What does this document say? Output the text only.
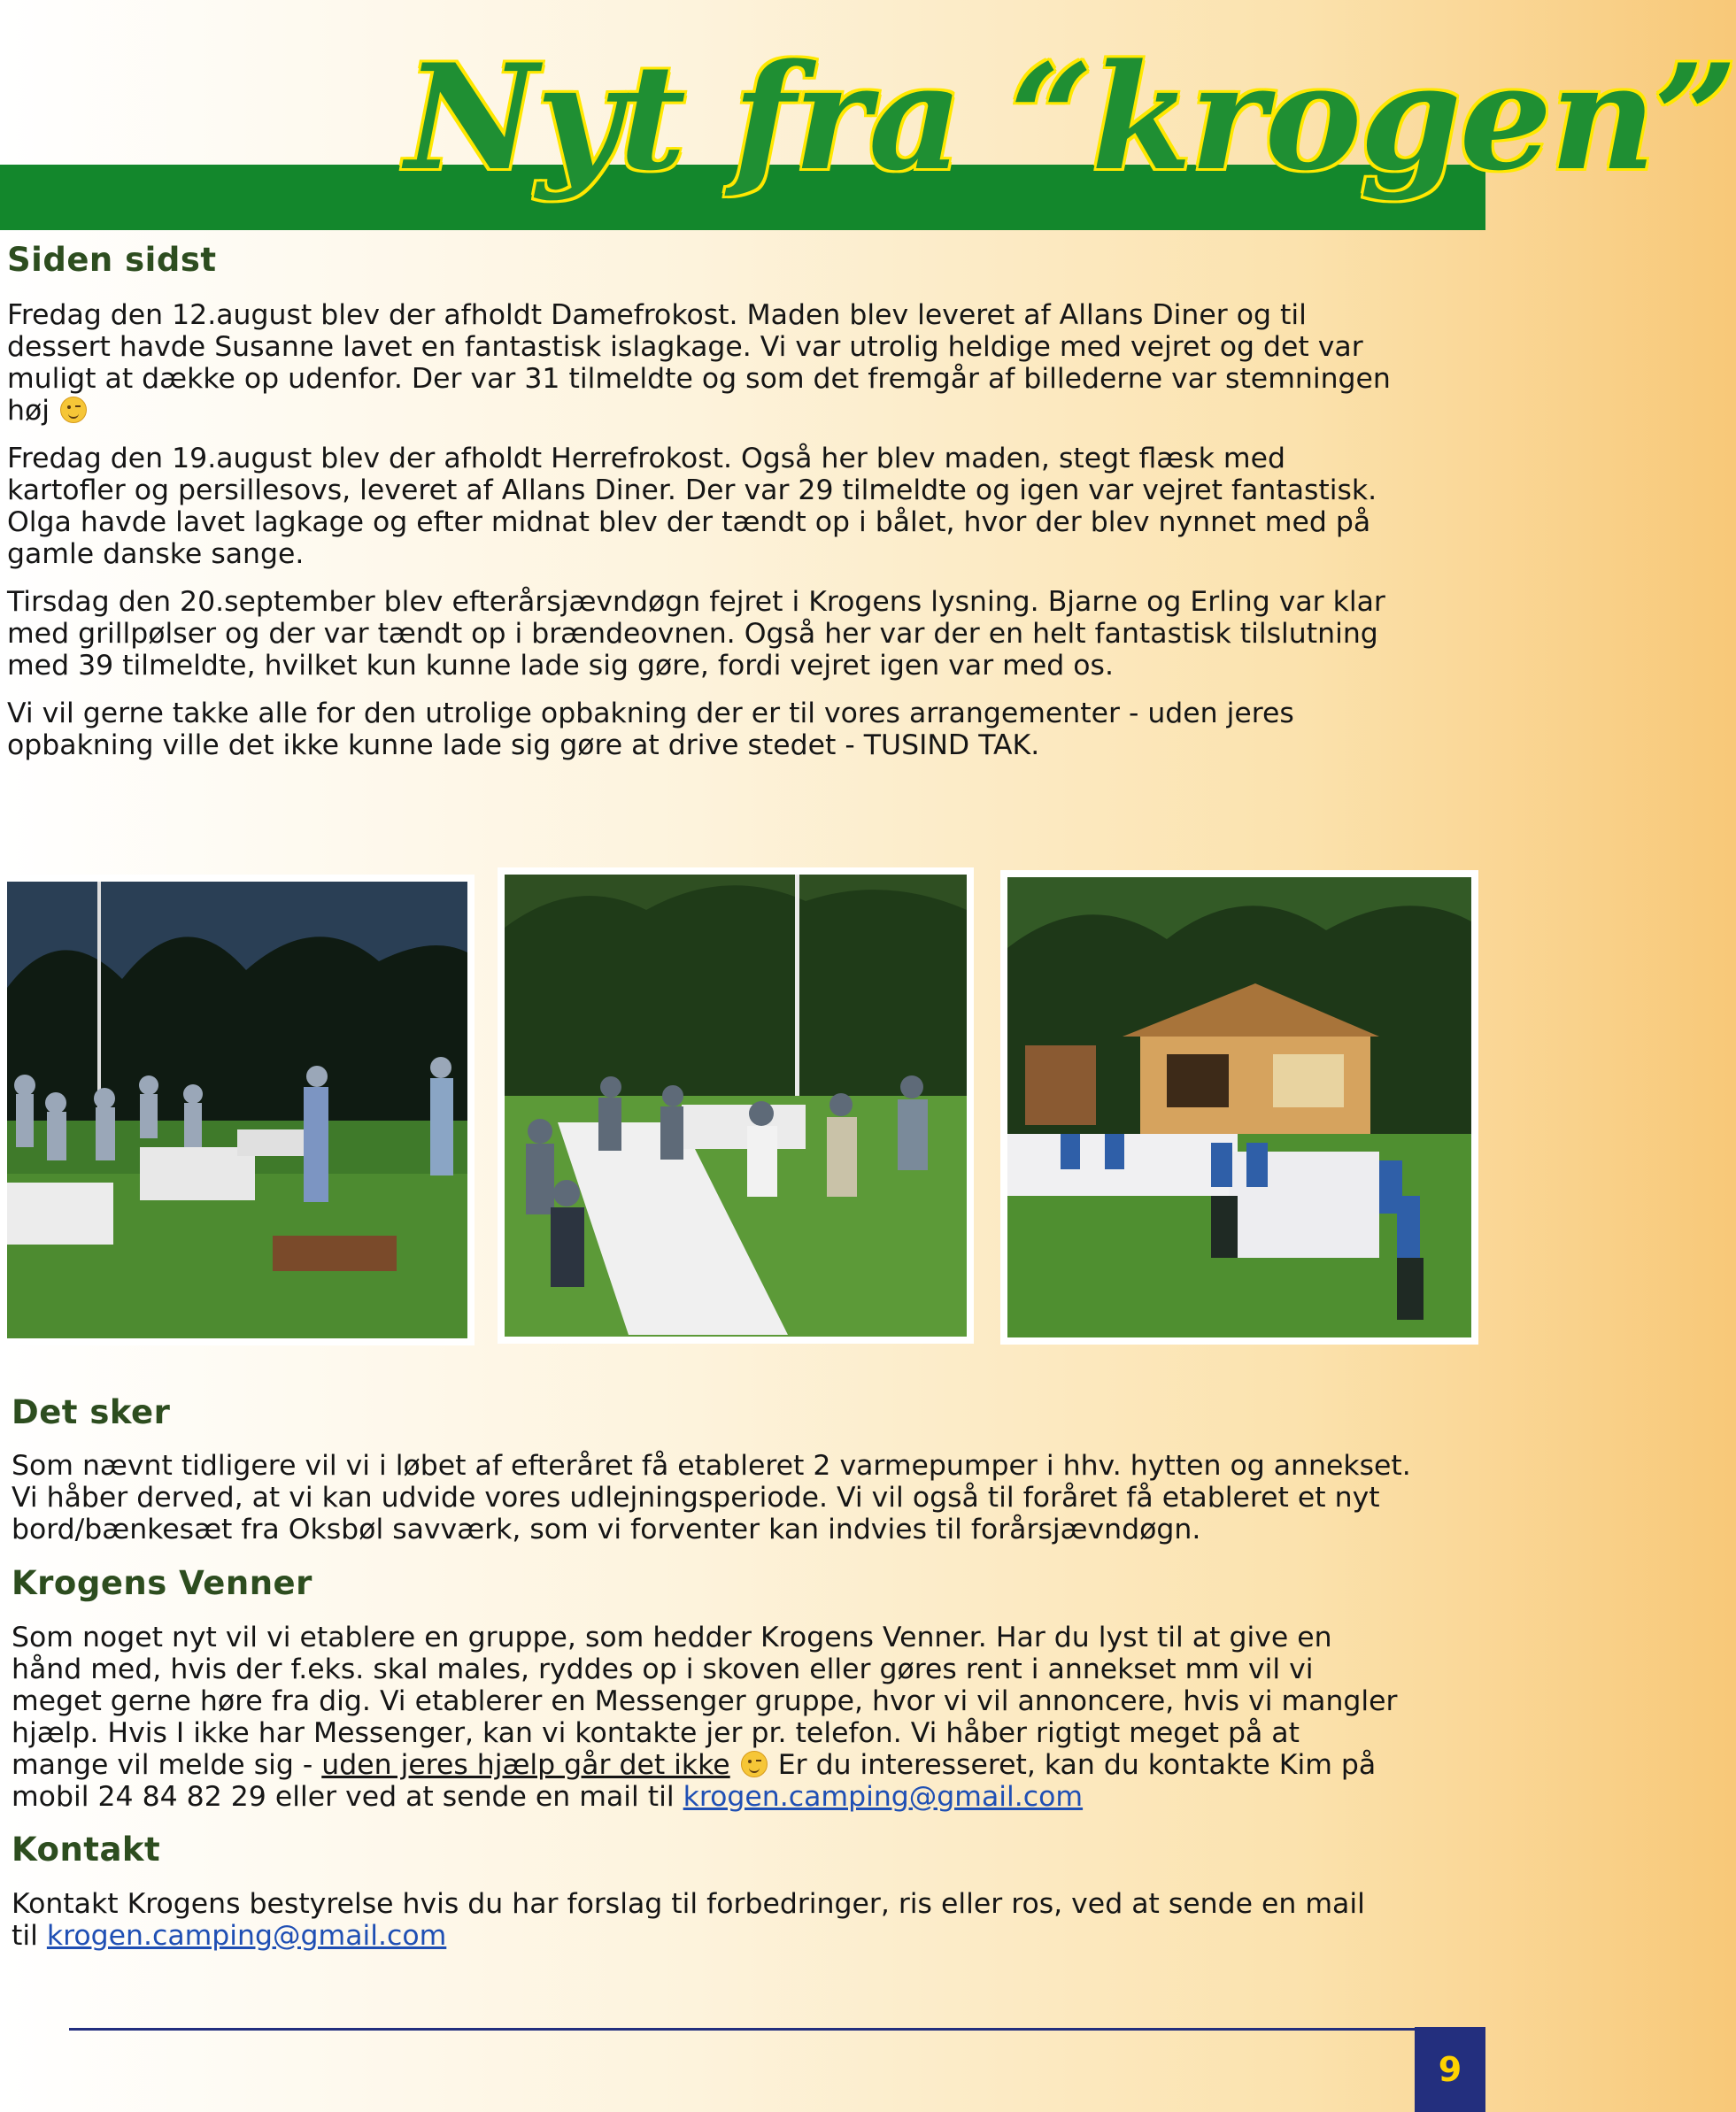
Nyt fra “krogen”
Siden sidst

Fredag den 12.august blev der afholdt Damefrokost. Maden blev leveret af Allans Diner og til
dessert havde Susanne lavet en fantastisk islagkage. Vi var utrolig heldige med vejret og det var
muligt at dække op udenfor. Der var 31 tilmeldte og som det fremgår af billederne var stemningen
høj

Fredag den 19.august blev der afholdt Herrefrokost. Også her blev maden, stegt flæsk med
kartofler og persillesovs, leveret af Allans Diner. Der var 29 tilmeldte og igen var vejret fantastisk.
Olga havde lavet lagkage og efter midnat blev der tændt op i bålet, hvor der blev nynnet med på
gamle danske sange.

Tirsdag den 20.september blev efterårsjævndøgn fejret i Krogens lysning. Bjarne og Erling var klar
med grillpølser og der var tændt op i brændeovnen. Også her var der en helt fantastisk tilslutning
med 39 tilmeldte, hvilket kun kunne lade sig gøre, fordi vejret igen var med os.

Vi vil gerne takke alle for den utrolige opbakning der er til vores arrangementer - uden jeres
opbakning ville det ikke kunne lade sig gøre at drive stedet - TUSIND TAK.

Det sker

Som nævnt tidligere vil vi i løbet af efteråret få etableret 2 varmepumper i hhv. hytten og annekset.
Vi håber derved, at vi kan udvide vores udlejningsperiode. Vi vil også til foråret få etableret et nyt
bord/bænkesæt fra Oksbøl savværk, som vi forventer kan indvies til forårsjævndøgn.

Krogens Venner

Som noget nyt vil vi etablere en gruppe, som hedder Krogens Venner. Har du lyst til at give en
hånd med, hvis der f.eks. skal males, ryddes op i skoven eller gøres rent i annekset mm vil vi
meget gerne høre fra dig. Vi etablerer en Messenger gruppe, hvor vi vil annoncere, hvis vi mangler
hjælp. Hvis I ikke har Messenger, kan vi kontakte jer pr. telefon. Vi håber rigtigt meget på at
mange vil melde sig - uden jeres hjælp går det ikke
Er du interesseret, kan du kontakte Kim på
mobil 24 84 82 29 eller ved at sende en mail til krogen.camping@gmail.com

Kontakt

Kontakt Krogens bestyrelse hvis du har forslag til forbedringer, ris eller ros, ved at sende en mail
til krogen.camping@gmail.com

9
